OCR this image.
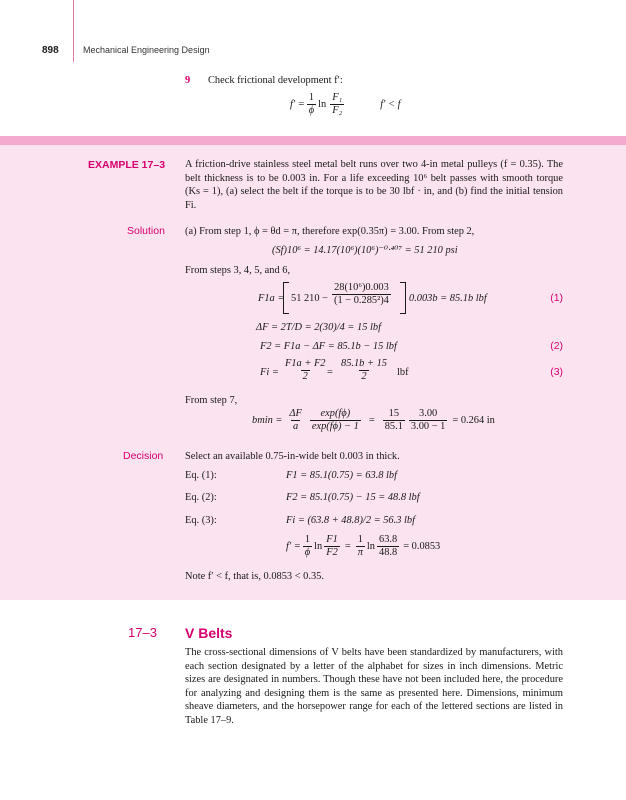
898	Mechanical Engineering Design
9 Check frictional development f′:
$f' = \frac{1}{\phi}$ $\ln \frac{\text{F₁}}{\text{F₂}}$	f′ < f
EXAMPLE 17–3 A friction-drive stainless steel metal belt runs over two 4-in metal pulleys (f = 0.35). The belt thickness is to be 0.003 in. For a life exceeding 10⁶ belt passes with smooth torque (Ks = 1), (a) select the belt if the torque is to be 30 lbf · in, and (b) find the initial tension Fi.
Solution (a) From step 1, ϕ = θd = π, therefore exp(0.35π) = 3.00. From step 2,
(Sf)10⁶ = 14.17(10⁶)(10⁶)⁻⁰·⁴⁰⁷ = 51 210 psi
From steps 3, 4, 5, and 6,
F1a = 51 $210 - \frac{\text{28(10⁶)0.003}}{\text{(1 − 0.285²)4}} 0.003b = 85.1b$ lbf	(1)
ΔF = 2T/D = 2(30)/4 = 15 lbf
F2 = F1a − ΔF = 85.1b − 15 lbf	(2)
$Fi = \frac{F1a + F2}{2} = \frac{85.1b + 15}{2}$ lbf	(3)
From step 7,
$bmin = \frac{\Delta F}{a} \frac{\exp(f\phi)}{\exp(f\phi) - 1} = \frac{15}{85.1} \frac{3.00}{3.00 - 1} = 0.264$ in
Decision Select an available 0.75-in-wide belt 0.003 in thick.
Eq. (1):	F1 = 85.1(0.75) = 63.8 lbf
Eq. (2):	F2 = 85.1(0.75) − 15 = 48.8 lbf
Eq. (3):	Fi = (63.8 + 48.8)/2 = 56.3 lbf
$f' = \frac{1}{\phi}$ $\ln \frac{F1}{F2} = \frac{1}{\pi}$ $\ln \frac{63.8}{48.8} = 0.0853$
Note f′ < f, that is, 0.0853 < 0.35.
17–3 V Belts
The cross-sectional dimensions of V belts have been standardized by manufacturers, with each section designated by a letter of the alphabet for sizes in inch dimensions. Metric sizes are designated in numbers. Though these have not been included here, the procedure for analyzing and designing them is the same as presented here. Dimensions, minimum sheave diameters, and the horsepower range for each of the lettered sections are listed in Table 17–9.
